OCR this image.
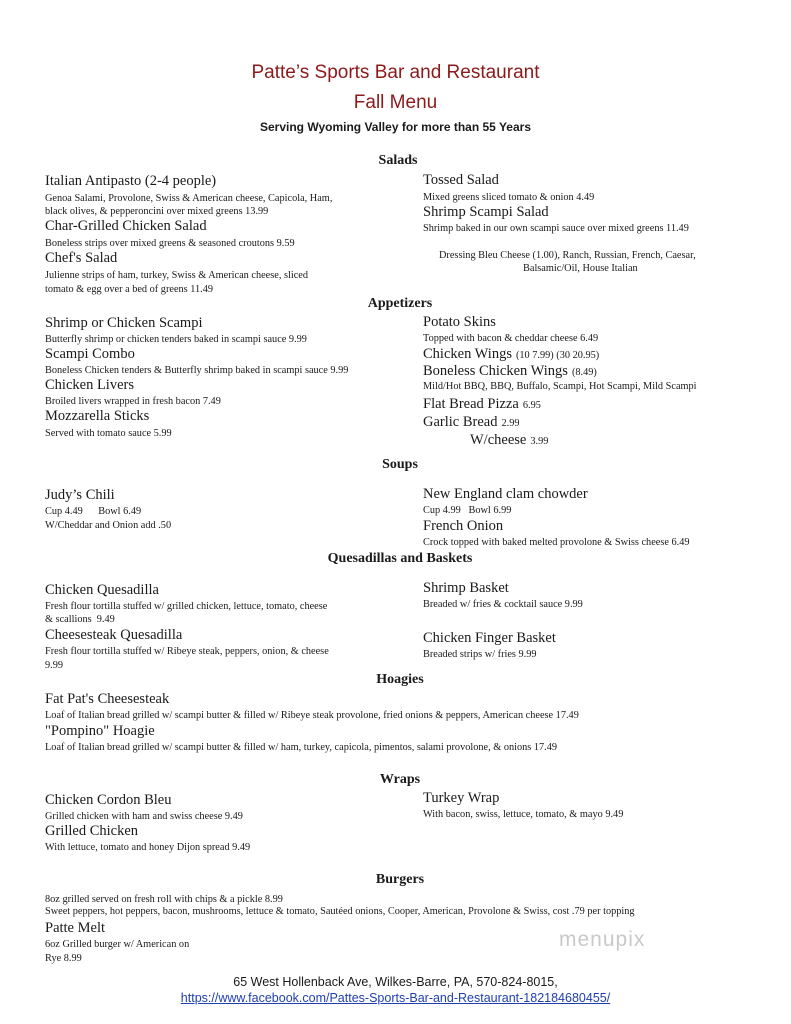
Patte’s Sports Bar and Restaurant
Fall Menu
Serving Wyoming Valley for more than 55 Years
Salads
Italian Antipasto (2-4 people)
Genoa Salami, Provolone, Swiss & American cheese, Capicola, Ham,
black olives, & pepperoncini over mixed greens 13.99
Char-Grilled Chicken Salad
Boneless strips over mixed greens & seasoned croutons 9.59
Chef's Salad
Julienne strips of ham, turkey, Swiss & American cheese, sliced
tomato & egg over a bed of greens 11.49
Tossed Salad
Mixed greens sliced tomato & onion 4.49
Shrimp Scampi Salad
Shrimp baked in our own scampi sauce over mixed greens 11.49
Dressing Bleu Cheese (1.00), Ranch, Russian, French, Caesar,
Balsamic/Oil, House Italian
Appetizers
Shrimp or Chicken Scampi
Butterfly shrimp or chicken tenders baked in scampi sauce 9.99
Scampi Combo
Boneless Chicken tenders & Butterfly shrimp baked in scampi sauce 9.99
Chicken Livers
Broiled livers wrapped in fresh bacon 7.49
Mozzarella Sticks
Served with tomato sauce 5.99
Potato Skins
Topped with bacon & cheddar cheese 6.49
Chicken Wings (10 7.99) (30 20.95)
Boneless Chicken Wings (8.49)
Mild/Hot BBQ, BBQ, Buffalo, Scampi, Hot Scampi, Mild Scampi
Flat Bread Pizza 6.95
Garlic Bread 2.99
W/cheese 3.99
Soups
Judy’s Chili
Cup 4.49      Bowl 6.49
W/Cheddar and Onion add .50
New England clam chowder
Cup 4.99   Bowl 6.99
French Onion
Crock topped with baked melted provolone & Swiss cheese 6.49
Quesadillas and Baskets
Chicken Quesadilla
Fresh flour tortilla stuffed w/ grilled chicken, lettuce, tomato, cheese
& scallions  9.49
Cheesesteak Quesadilla
Fresh flour tortilla stuffed w/ Ribeye steak, peppers, onion, & cheese
9.99
Shrimp Basket
Breaded w/ fries & cocktail sauce 9.99
Chicken Finger Basket
Breaded strips w/ fries 9.99
Hoagies
Fat Pat's Cheesesteak
Loaf of Italian bread grilled w/ scampi butter & filled w/ Ribeye steak provolone, fried onions & peppers, American cheese 17.49
"Pompino" Hoagie
Loaf of Italian bread grilled w/ scampi butter & filled w/ ham, turkey, capicola, pimentos, salami provolone, & onions 17.49
Wraps
Chicken Cordon Bleu
Grilled chicken with ham and swiss cheese 9.49
Grilled Chicken
With lettuce, tomato and honey Dijon spread 9.49
Turkey Wrap
With bacon, swiss, lettuce, tomato, & mayo 9.49
Burgers
8oz grilled served on fresh roll with chips & a pickle 8.99
Sweet peppers, hot peppers, bacon, mushrooms, lettuce & tomato, Sautéed onions, Cooper, American, Provolone & Swiss, cost .79 per topping
Patte Melt
6oz Grilled burger w/ American on
Rye 8.99
menupix
65 West Hollenback Ave, Wilkes-Barre, PA, 570-824-8015,
https://www.facebook.com/Pattes-Sports-Bar-and-Restaurant-182184680455/
